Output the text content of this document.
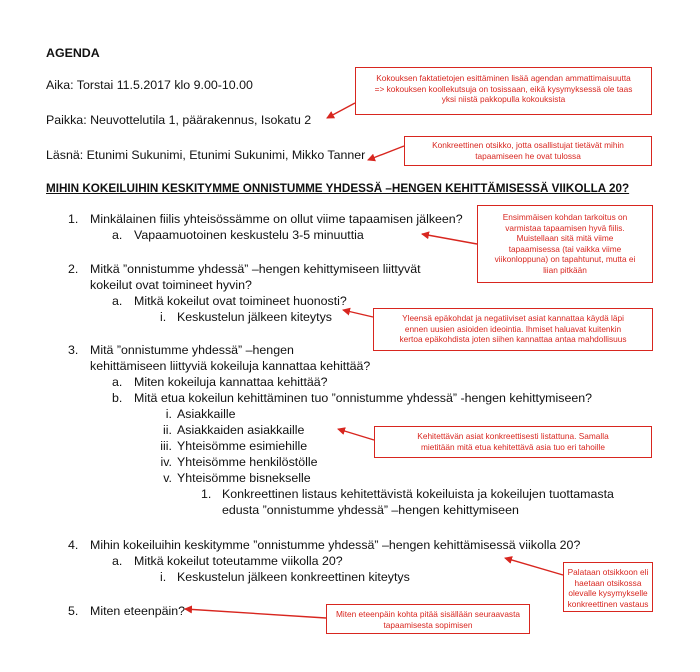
AGENDA
Aika: Torstai 11.5.2017 klo 9.00-10.00
Paikka: Neuvottelutila 1, päärakennus, Isokatu 2
Läsnä: Etunimi Sukunimi, Etunimi Sukunimi, Mikko Tanner
MIHIN KOKEILUIHIN KESKITYMME ONNISTUMME YHDESSÄ –HENGEN KEHITTÄMISESSÄ VIIKOLLA 20?
1. Minkälainen fiilis yhteisössämme on ollut viime tapaamisen jälkeen?
a. Vapaamuotoinen keskustelu 3-5 minuuttia
2. Mitkä ”onnistumme yhdessä” –hengen kehittymiseen liittyvät
kokeilut ovat toimineet hyvin?
a. Mitkä kokeilut ovat toimineet huonosti?
i. Keskustelun jälkeen kiteytys
3. Mitä ”onnistumme yhdessä” –hengen
kehittämiseen liittyviä kokeiluja kannattaa kehittää?
a. Miten kokeiluja kannattaa kehittää?
b. Mitä etua kokeilun kehittäminen tuo ”onnistumme yhdessä” -hengen kehittymiseen?
i. Asiakkaille
ii. Asiakkaiden asiakkaille
iii. Yhteisömme esimiehille
iv. Yhteisömme henkilöstölle
v. Yhteisömme bisnekselle
1. Konkreettinen listaus kehitettävistä kokeiluista ja kokeilujen tuottamasta
edusta ”onnistumme yhdessä” –hengen kehittymiseen
4. Mihin kokeiluihin keskitymme ”onnistumme yhdessä” –hengen kehittämisessä viikolla 20?
a. Mitkä kokeilut toteutamme viikolla 20?
i. Keskustelun jälkeen konkreettinen kiteytys
5. Miten eteenpäin?
Kokouksen faktatietojen esittäminen lisää agendan ammattimaisuutta
=> kokouksen koollekutsuja on tosissaan, eikä kysymyksessä ole taas
yksi niistä pakkopulla kokouksista
Konkreettinen otsikko, jotta osallistujat tietävät mihin
tapaamiseen he ovat tulossa
Ensimmäisen kohdan tarkoitus on
varmistaa tapaamisen hyvä fiilis.
Muistellaan sitä mitä viime
tapaamisessa (tai vaikka viime
viikonloppuna) on tapahtunut, mutta ei
liian pitkään
Yleensä epäkohdat ja negatiiviset asiat kannattaa käydä läpi
ennen uusien asioiden ideointia. Ihmiset haluavat kuitenkin
kertoa epäkohdista joten siihen kannattaa antaa mahdollisuus
Kehitettävän asiat konkreettisesti listattuna. Samalla
mietitään mitä etua kehitettävä asia tuo eri tahoille
Palataan otsikkoon eli
haetaan otsikossa
olevalle kysymykselle
konkreettinen vastaus
Miten eteenpäin kohta pitää sisällään seuraavasta
tapaamisesta sopimisen
